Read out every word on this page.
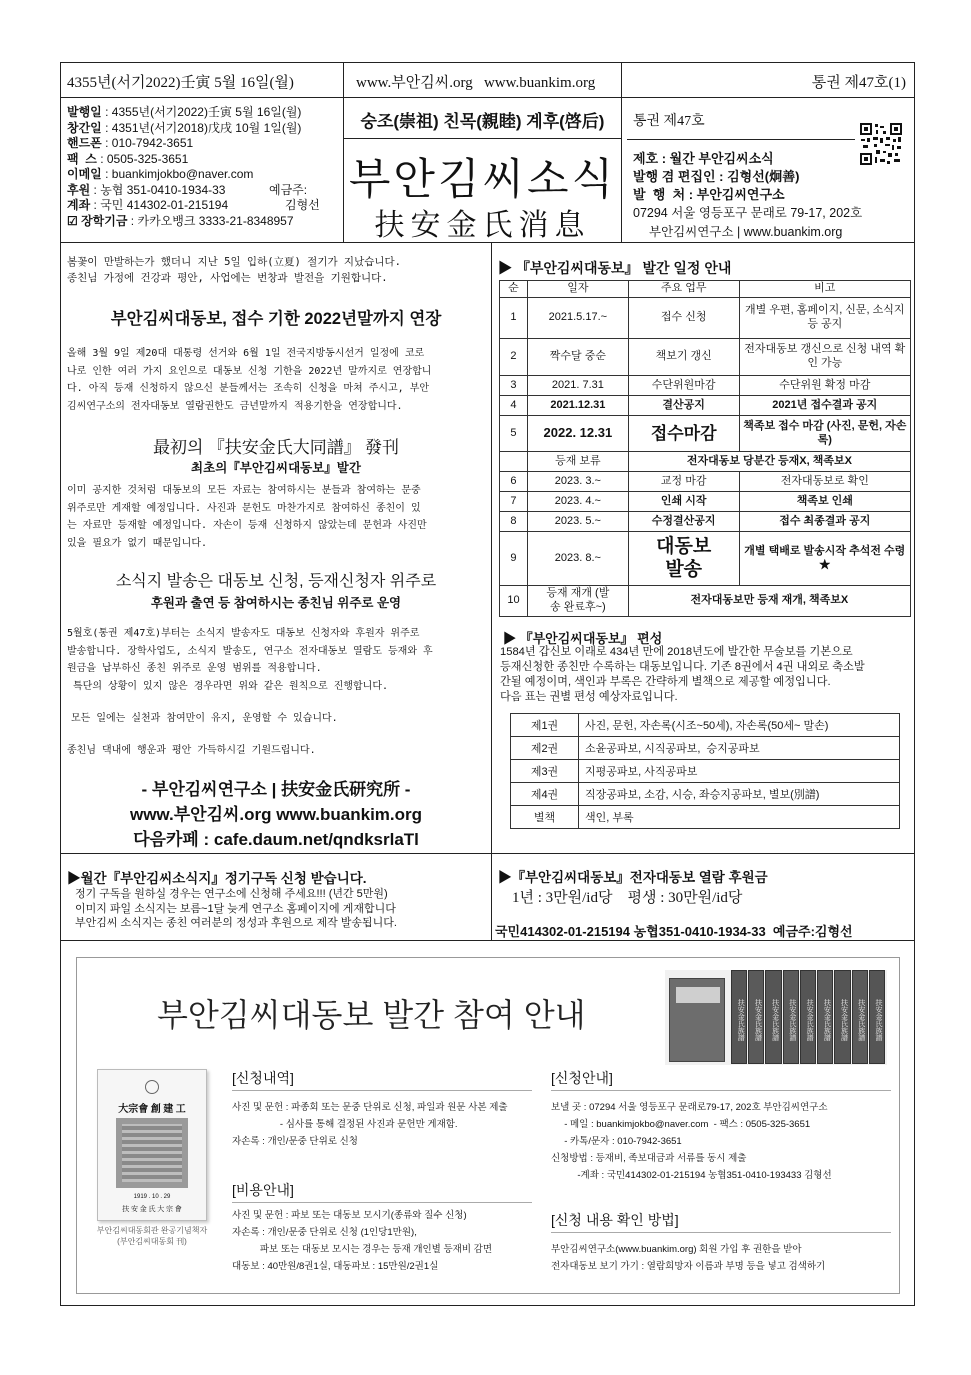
4355년(서기2022)壬寅 5월 16일(월)	www.부안김씨.org   www.buankim.org	통권 제47호(1)
발행일 : 4355년(서기2022)壬寅 5월 16일(월)
창간일 : 4351년(서기2018)戊戌 10월 1일(월)
핸드폰 : 010-7942-3651
팩  스 : 0505-325-3651
이메일 : buankimjokbo@naver.com
후원 : 농협 351-0410-1934-33	예금주:
계좌 : 국민 414302-01-215194	김형선
☑ 장학기금 : 카카오뱅크 3333-21-8348957
숭조(崇祖) 친목(親睦) 계후(啓后)
부안김씨소식
扶安金氏消息
통권 제47호
제호 : 월간 부안김씨소식
발행 겸 편집인 : 김형선(炯善)
발  행  처 : 부안김씨연구소
07294 서울 영등포구 문래로 79-17, 202호
부안김씨연구소 | www.buankim.org
봄꽃이 만발하는가 했더니 지난 5일 입하(立夏) 절기가 지났습니다.
종친님 가정에 건강과 평안, 사업에는 번창과 발전을 기원합니다.
부안김씨대동보, 접수 기한 2022년말까지 연장
올해 3월 9일 제20대 대통령 선거와 6월 1일 전국지방동시선거 일정에 코로
나로 인한 여러 가지 요인으로 대동보 신청 기한을 2022년 말까지로 연장합니
다. 아직 등재 신청하지 않으신 분들께서는 조속히 신청을 마쳐 주시고, 부안
김씨연구소의 전자대동보 열람권한도 금년말까지 적용기한을 연장합니다.
最初의 『扶安金氏大同譜』 發刊
최초의『부안김씨대동보』발간
이미 공지한 것처럼 대동보의 모든 자료는 참여하시는 분들과 참여하는 문중
위주로만 게재할 예정입니다. 사진과 문헌도 마찬가지로 참여하신 종친이 있
는 자료만 등재할 예정입니다. 자손이 등재 신청하지 않았는데 문헌과 사진만
있을 필요가 없기 때문입니다.
소식지 발송은 대동보 신청, 등재신청자 위주로
후원과 출연 등 참여하시는 종친님 위주로 운영
5월호(통권 제47호)부터는 소식지 발송자도 대동보 신청자와 후원자 위주로
발송합니다. 장학사업도, 소식지 발송도, 연구소 전자대동보 열람도 등재와 후
원금을 납부하신 종친 위주로 운영 범위를 적용합니다.
특단의 상황이 있지 않은 경우라면 위와 같은 원칙으로 진행합니다.
모든 일에는 실천과 참여만이 유지, 운영할 수 있습니다.
종친님 댁내에 행운과 평안 가득하시길 기원드립니다.
- 부안김씨연구소 | 扶安金氏研究所 -
www.부안김씨.org www.buankim.org
다음카페 : cafe.daum.net/qndksrlaTl
▶ 『부안김씨대동보』 발간 일정 안내
순	일자	주요 업무	비고
1	2021.5.17.~	접수 신청	개별 우편, 홈페이지, 신문, 소식지 등 공지
2	짝수달 중순	책보기 갱신	전자대동보 갱신으로 신청 내역 확인 가능
3	2021. 7.31	수단위원마감	수단위원 확정 마감
4	2021.12.31	결산공지	2021년 접수결과 공지
5	2022. 12.31	접수마감	책족보 접수 마감 (사진, 문헌, 자손록)
	등재 보류	전자대동보 당분간 등재X, 책족보X	
6	2023. 3.~	교정 마감	전자대동보로 확인
7	2023. 4.~	인쇄 시작	책족보 인쇄
8	2023. 5.~	수정결산공지	접수 최종결과 공지
9	2023. 8.~	대동보 발송	개별 택배로 발송시작 추석전 수령★
10	등재 재개 (발송 완료후~)	전자대동보만 등재 재개, 책족보X	
▶ 『부안김씨대동보』 편성
1584년 갑신보 이래로 434년 만에 2018년도에 발간한 무술보를 기본으로
등재신청한 종친만 수록하는 대동보입니다. 기존 8권에서 4권 내외로 축소발
간될 예정이며, 색인과 부록은 간략하게 별책으로 제공할 예정입니다.
다음 표는 권별 편성 예상자료입니다.
제1권	사진, 문헌, 자손록(시조~50세), 자손록(50세~ 말손)
제2권	소윤공파보, 시직공파보,  승지공파보
제3권	지평공파보, 사직공파보
제4권	직장공파보, 소감, 시승, 좌승지공파보, 별보(別譜)
별책	색인, 부록
▶월간『부안김씨소식지』정기구독 신청 받습니다.
정기 구독을 원하실 경우는 연구소에 신청해 주세요!!! (년간 5만원)
이미지 파일 소식지는 보름~1달 늦게 연구소 홈페이지에 게재합니다
부안김씨 소식지는 종친 여러분의 정성과 후원으로 제작 발송됩니다.
▶『부안김씨대동보』전자대동보 열람 후원금
1년 : 3만원/id당    평생 : 30만원/id당
국민414302-01-215194 농협351-0410-1934-33  예금주:김형선
부안김씨대동보 발간 참여 안내	扶安金氏族譜	扶安金氏族譜	扶安金氏族譜	扶安金氏族譜	扶安金氏族譜	扶安金氏族譜	扶安金氏族譜	扶安金氏族譜	扶安金氏族譜
大宗會 創 建 工
1919 . 10 . 29
扶 安 金 氏 大 宗 會
부안김씨대동회관 완공기념책자
(부안김씨대동회 刊)
[신청내역]
사진 및 문헌 : 파종회 또는 문중 단위로 신청, 파일과 원문 사본 제출
- 심사를 통해 결정된 사진과 문헌만 게재함.
자손록 : 개인/문중 단위로 신청
[비용안내]
사진 및 문헌 : 파보 또는 대동보 모시기(종류와 질수 신청)
자손록 : 개인/문중 단위로 신청 (1인당1만원),
파보 또는 대동보 모시는 경우는 등재 개인별 등재비 감면
대동보 : 40만원/8권1실, 대동파보 : 15만원/2권1실
[신청안내]
보낼 곳 : 07294 서울 영등포구 문래로79-17, 202호 부안김씨연구소
- 메일 : buankimjokbo@naver.com  - 팩스 : 0505-325-3651
- 카톡/문자 : 010-7942-3651
신청방법 : 등재비, 족보대금과 서류를 동시 제출
-계좌 : 국민414302-01-215194 농협351-0410-193433 김형선
[신청 내용 확인 방법]
부안김씨연구소(www.buankim.org) 회원 가입 후 권한을 받아
전자대동보 보기 가기 : 열람희망자 이름과 부명 등을 넣고 검색하기
